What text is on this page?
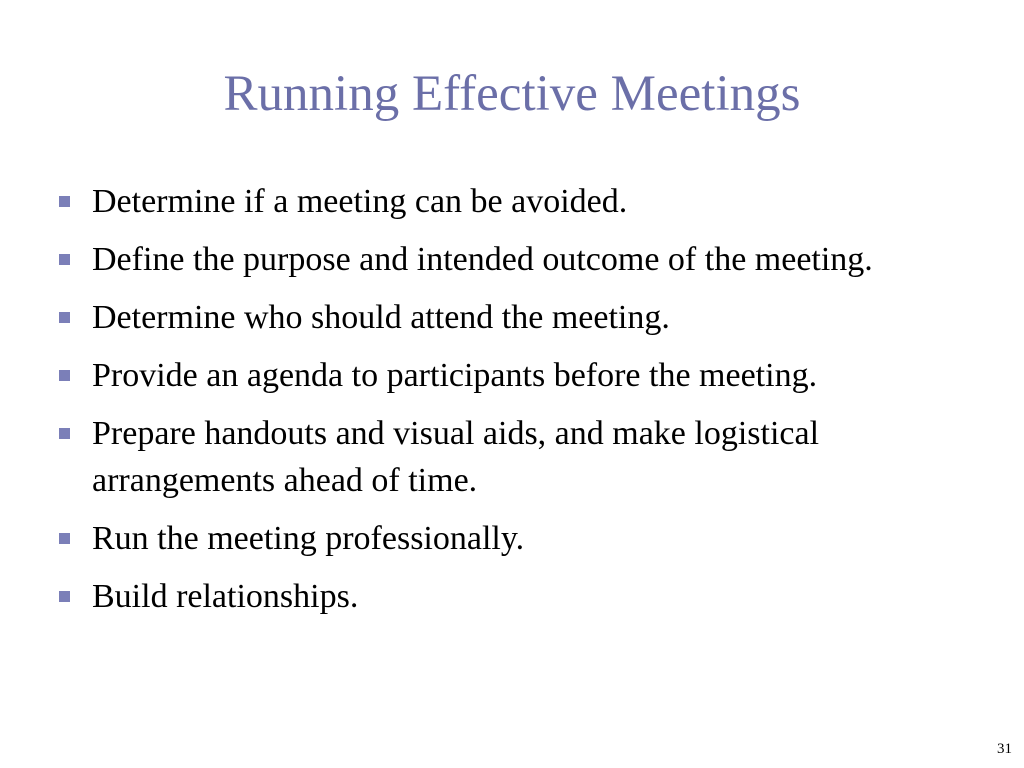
Running Effective Meetings
Determine if a meeting can be avoided.
Define the purpose and intended outcome of the meeting.
Determine who should attend the meeting.
Provide an agenda to participants before the meeting.
Prepare handouts and visual aids, and make logistical arrangements ahead of time.
Run the meeting professionally.
Build relationships.
31
